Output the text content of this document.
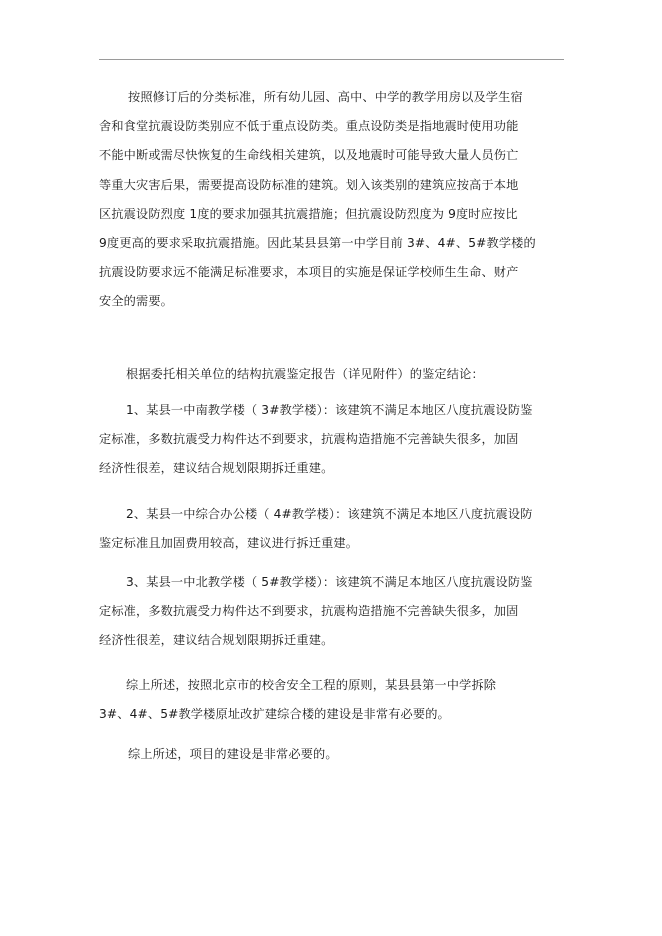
按照修订后的分类标准，所有幼儿园、高中、中学的教学用房以及学生宿
舍和食堂抗震设防类别应不低于重点设防类。重点设防类是指地震时使用功能
不能中断或需尽快恢复的生命线相关建筑，以及地震时可能导致大量人员伤亡
等重大灾害后果，需要提高设防标准的建筑。划入该类别的建筑应按高于本地
区抗震设防烈度 1度的要求加强其抗震措施；但抗震设防烈度为 9度时应按比
9度更高的要求采取抗震措施。因此某县县第一中学目前 3#、4#、5#教学楼的
抗震设防要求远不能满足标准要求，本项目的实施是保证学校师生生命、财产
安全的需要。
根据委托相关单位的结构抗震鉴定报告（详见附件）的鉴定结论：
1、某县一中南教学楼（ 3#教学楼）：该建筑不满足本地区八度抗震设防鉴
定标准，多数抗震受力构件达不到要求，抗震构造措施不完善缺失很多，加固
经济性很差，建议结合规划限期拆迁重建。
2、某县一中综合办公楼（ 4#教学楼）：该建筑不满足本地区八度抗震设防
鉴定标准且加固费用较高，建议进行拆迁重建。
3、某县一中北教学楼（ 5#教学楼）：该建筑不满足本地区八度抗震设防鉴
定标准，多数抗震受力构件达不到要求，抗震构造措施不完善缺失很多，加固
经济性很差，建议结合规划限期拆迁重建。
综上所述，按照北京市的校舍安全工程的原则，某县县第一中学拆除
3#、4#、5#教学楼原址改扩建综合楼的建设是非常有必要的。
综上所述，项目的建设是非常必要的。
